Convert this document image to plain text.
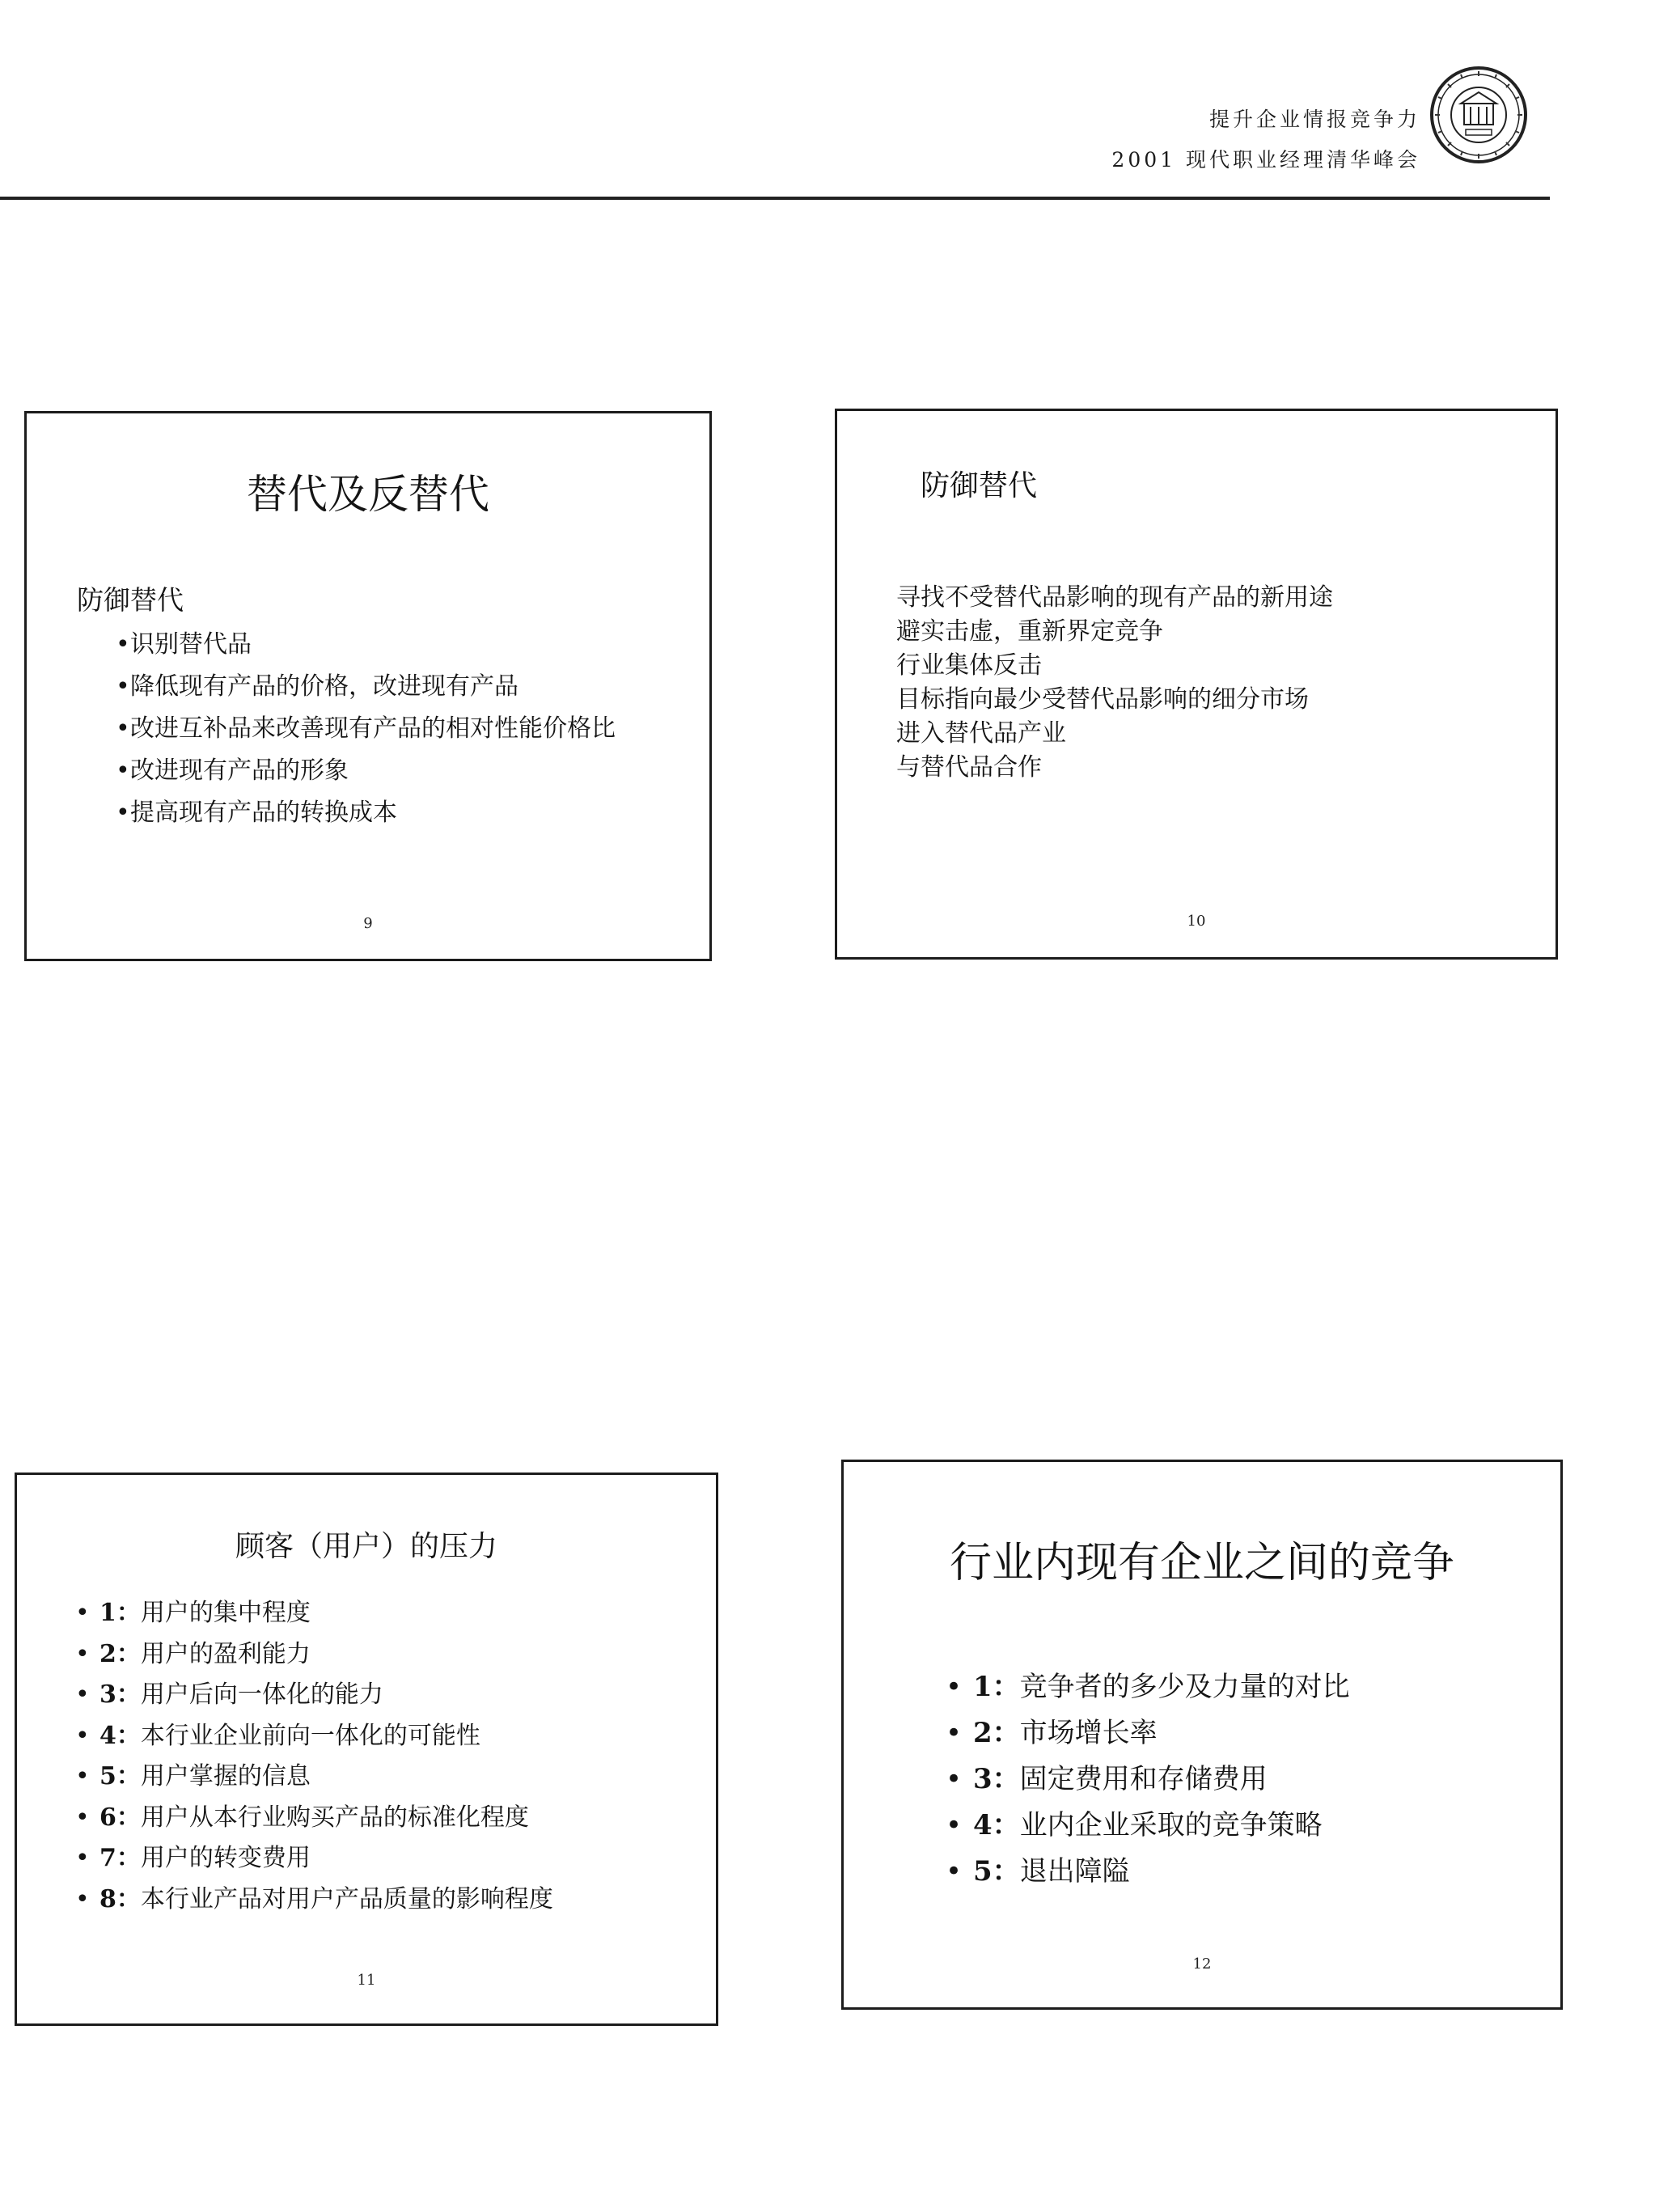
提升企业情报竞争力
2001 现代职业经理清华峰会
替代及反替代
防御替代
•识别替代品
•降低现有产品的价格，改进现有产品
•改进互补品来改善现有产品的相对性能价格比
•改进现有产品的形象
•提高现有产品的转换成本
9
防御替代
寻找不受替代品影响的现有产品的新用途
避实击虚，重新界定竞争
行业集体反击
目标指向最少受替代品影响的细分市场
进入替代品产业
与替代品合作
10
顾客（用户）的压力
• 1：用户的集中程度
• 2：用户的盈利能力
• 3：用户后向一体化的能力
• 4：本行业企业前向一体化的可能性
• 5：用户掌握的信息
• 6：用户从本行业购买产品的标准化程度
• 7：用户的转变费用
• 8：本行业产品对用户产品质量的影响程度
11
行业内现有企业之间的竞争
• 1：竞争者的多少及力量的对比
• 2：市场增长率
• 3：固定费用和存储费用
• 4：业内企业采取的竞争策略
• 5：退出障隘
12
